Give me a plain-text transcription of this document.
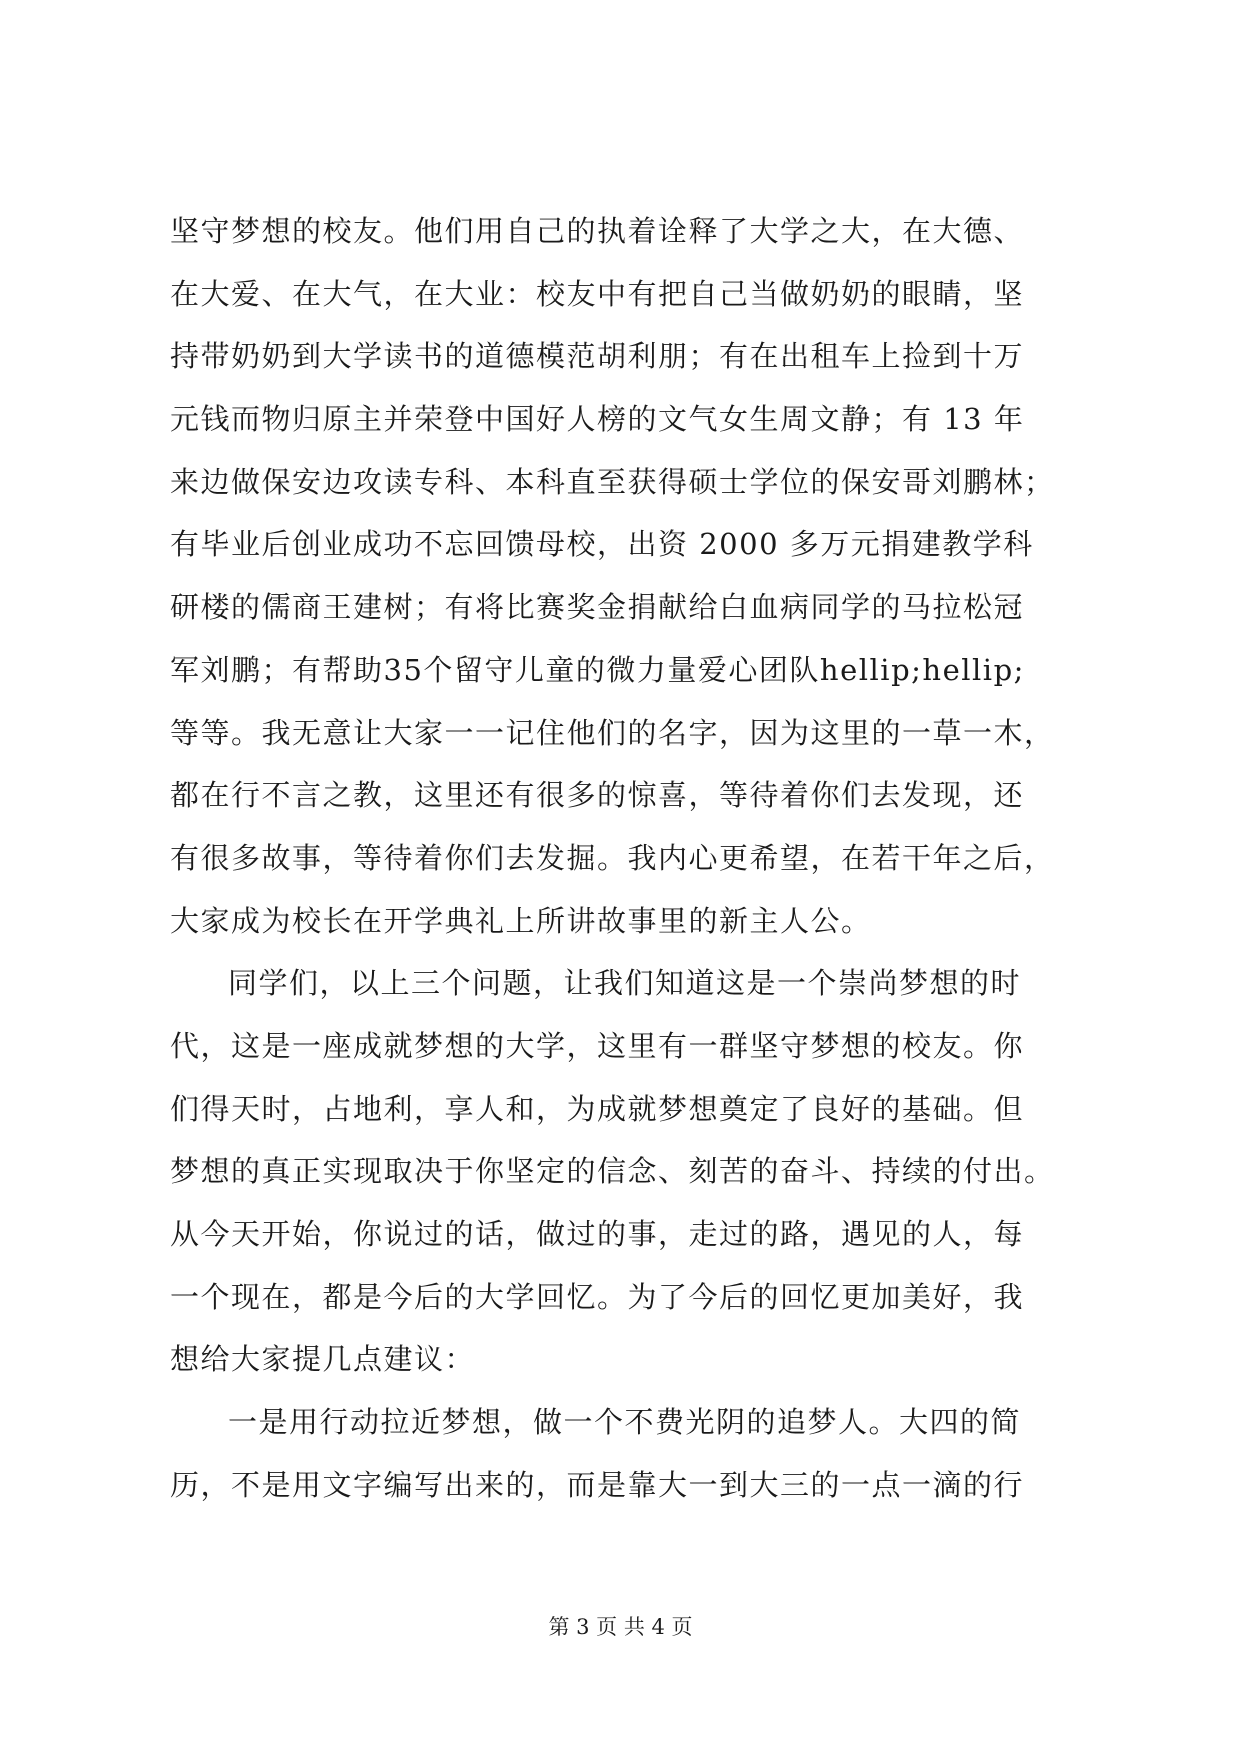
坚守梦想的校友。他们用自己的执着诠释了大学之大，在大德、
在大爱、在大气，在大业：校友中有把自己当做奶奶的眼睛，坚
持带奶奶到大学读书的道德模范胡利朋；有在出租车上捡到十万
元钱而物归原主并荣登中国好人榜的文气女生周文静；有 13 年
来边做保安边攻读专科、本科直至获得硕士学位的保安哥刘鹏林；
有毕业后创业成功不忘回馈母校，出资 2000 多万元捐建教学科
研楼的儒商王建树；有将比赛奖金捐献给白血病同学的马拉松冠
军刘鹏；有帮助35个留守儿童的微力量爱心团队hellip;hellip;
等等。我无意让大家一一记住他们的名字，因为这里的一草一木，
都在行不言之教，这里还有很多的惊喜，等待着你们去发现，还
有很多故事，等待着你们去发掘。我内心更希望，在若干年之后，
大家成为校长在开学典礼上所讲故事里的新主人公。
同学们，以上三个问题，让我们知道这是一个崇尚梦想的时
代，这是一座成就梦想的大学，这里有一群坚守梦想的校友。你
们得天时，占地利，享人和，为成就梦想奠定了良好的基础。但
梦想的真正实现取决于你坚定的信念、刻苦的奋斗、持续的付出。
从今天开始，你说过的话，做过的事，走过的路，遇见的人，每
一个现在，都是今后的大学回忆。为了今后的回忆更加美好，我
想给大家提几点建议：
一是用行动拉近梦想，做一个不费光阴的追梦人。大四的简
历，不是用文字编写出来的，而是靠大一到大三的一点一滴的行
第 3 页 共 4 页
